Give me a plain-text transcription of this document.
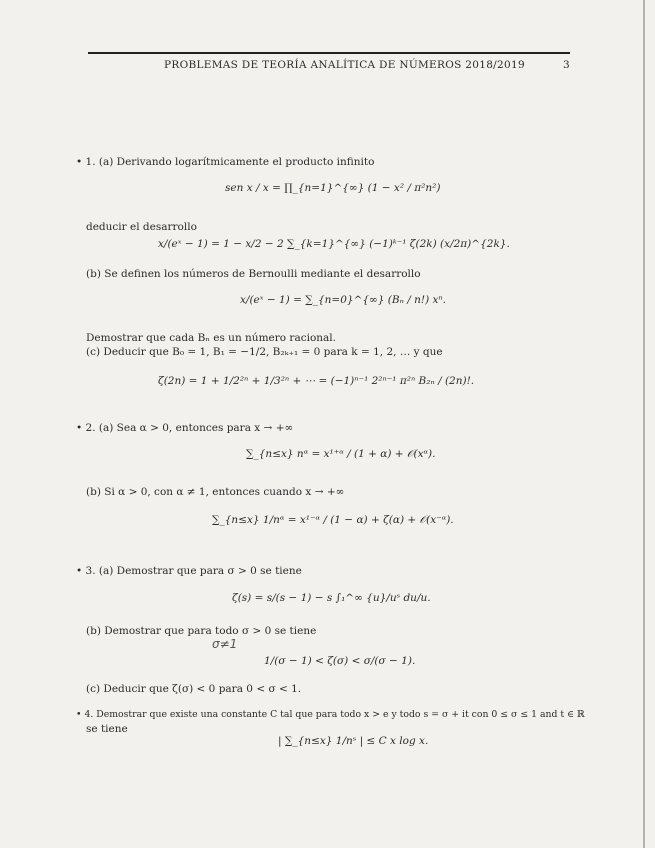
PROBLEMAS DE TEORÍA ANALÍTICA DE NÚMEROS 2018/2019	3
• 1. (a) Derivando logarítmicamente el producto infinito
sen x / x = ∏_{n=1}^{∞} (1 − x² / π²n²)
deducir el desarrollo
x/(eˣ − 1) = 1 − x/2 − 2 ∑_{k=1}^{∞} (−1)ᵏ⁻¹ ζ(2k) (x/2π)^{2k}.
(b) Se definen los números de Bernoulli mediante el desarrollo
x/(eˣ − 1) = ∑_{n=0}^{∞} (Bₙ / n!) xⁿ.
Demostrar que cada Bₙ es un número racional.
(c) Deducir que B₀ = 1, B₁ = −1/2, B₂ₖ₊₁ = 0 para k = 1, 2, … y que
ζ(2n) = 1 + 1/2²ⁿ + 1/3²ⁿ + ⋯ = (−1)ⁿ⁻¹ 2²ⁿ⁻¹ π²ⁿ B₂ₙ / (2n)!.
• 2. (a) Sea α > 0, entonces para x → +∞
∑_{n≤x} nᵅ = x¹⁺ᵅ / (1 + α) + 𝒪(xᵅ).
(b) Si α > 0, con α ≠ 1, entonces cuando x → +∞
∑_{n≤x} 1/nᵅ = x¹⁻ᵅ / (1 − α) + ζ(α) + 𝒪(x⁻ᵅ).
• 3. (a) Demostrar que para σ > 0 se tiene
ζ(s) = s/(s − 1) − s ∫₁^∞ {u}/uˢ du/u.
(b) Demostrar que para todo σ > 0 se tiene
σ≠1
1/(σ − 1) < ζ(σ) < σ/(σ − 1).
(c) Deducir que ζ(σ) < 0 para 0 < σ < 1.
• 4. Demostrar que existe una constante C tal que para todo x > e y todo s = σ + it con 0 ≤ σ ≤ 1 and t ∈ ℝ
se tiene
| ∑_{n≤x} 1/nˢ | ≤ C x log x.
